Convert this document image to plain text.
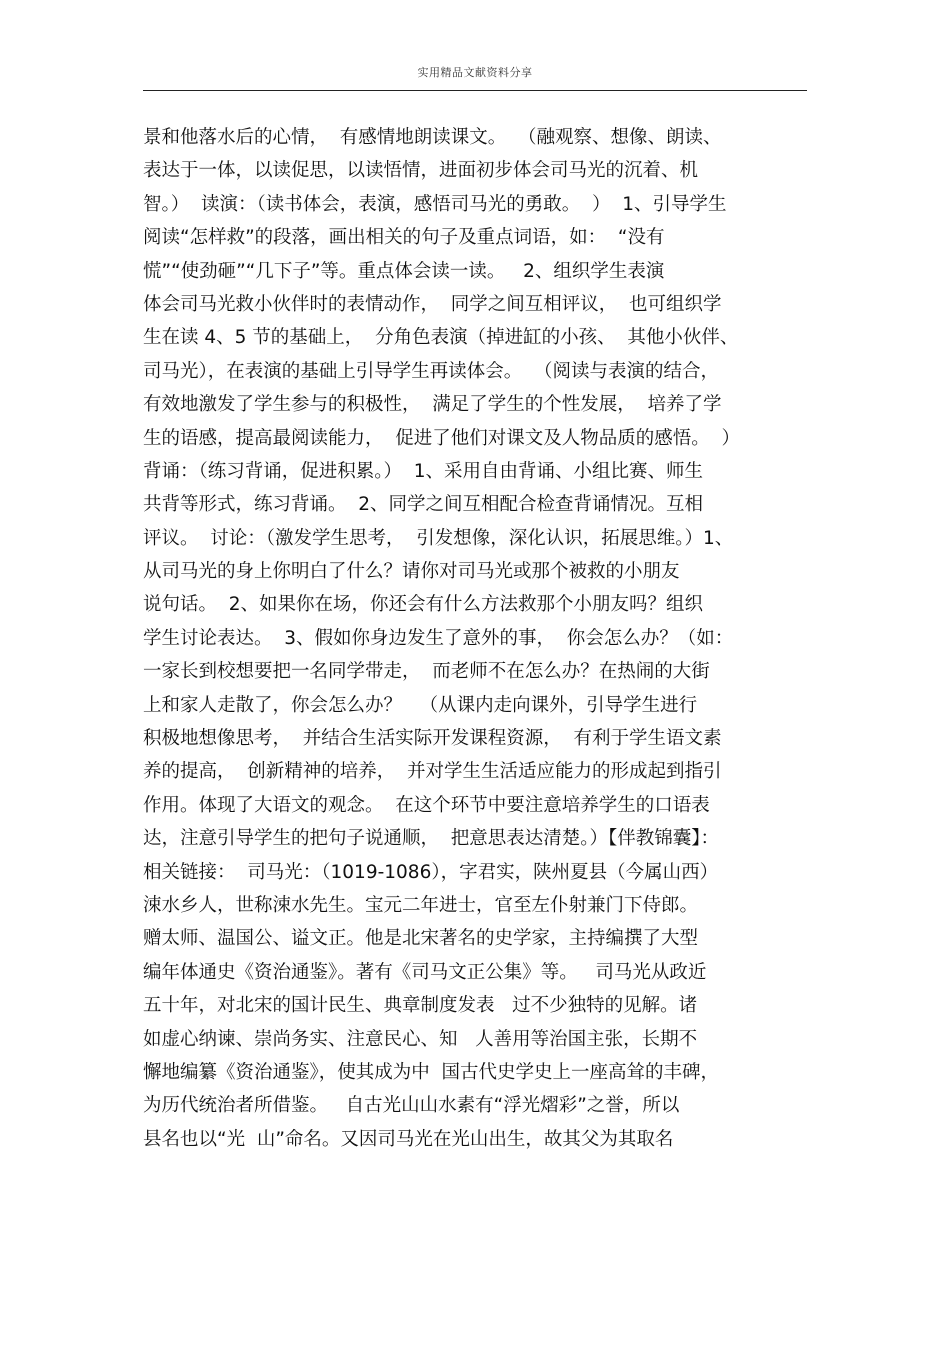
实用精品文献资料分享
景和他落水后的心情，  有感情地朗读课文。  （融观察、想像、朗读、
表达于一体，以读促思，以读悟情，进面初步体会司马光的沉着、机
智。）  读演：（读书体会，表演，感悟司马光的勇敢。  ）  1、引导学生
阅读“怎样救”的段落，画出相关的句子及重点词语，如：  “没有
慌”“使劲砸”“几下子”等。重点体会读一读。   2、组织学生表演
体会司马光救小伙伴时的表情动作，  同学之间互相评议，  也可组织学
生在读 4、5 节的基础上，  分角色表演（掉进缸的小孩、  其他小伙伴、
司马光），在表演的基础上引导学生再读体会。  （阅读与表演的结合，
有效地激发了学生参与的积极性，  满足了学生的个性发展，  培养了学
生的语感，提高最阅读能力，  促进了他们对课文及人物品质的感悟。  ）
背诵：（练习背诵，促进积累。）  1、采用自由背诵、小组比赛、师生
共背等形式，练习背诵。  2、同学之间互相配合检查背诵情况。互相
评议。  讨论：（激发学生思考，  引发想像，深化认识，拓展思维。）1、
从司马光的身上你明白了什么？请你对司马光或那个被救的小朋友
说句话。  2、如果你在场，你还会有什么方法救那个小朋友吗？组织
学生讨论表达。  3、假如你身边发生了意外的事，  你会怎么办？（如：
一家长到校想要把一名同学带走，  而老师不在怎么办？在热闹的大街
上和家人走散了，你会怎么办？   （从课内走向课外，引导学生进行
积极地想像思考，  并结合生活实际开发课程资源，  有利于学生语文素
养的提高，  创新精神的培养，  并对学生生活适应能力的形成起到指引
作用。体现了大语文的观念。  在这个环节中要注意培养学生的口语表
达，注意引导学生的把句子说通顺，  把意思表达清楚。）【伴教锦囊】：
相关链接：  司马光：（1019-1086），字君实，陕州夏县（今属山西）
涑水乡人，世称涑水先生。宝元二年进士，官至左仆射兼门下侍郎。
赠太师、温国公、谥文正。他是北宋著名的史学家，主持编撰了大型
编年体通史《资治通鉴》。著有《司马文正公集》等。   司马光从政近
五十年，对北宋的国计民生、典章制度发表   过不少独特的见解。诸
如虚心纳谏、崇尚务实、注意民心、知   人善用等治国主张，长期不
懈地编纂《资治通鉴》，使其成为中  国古代史学史上一座高耸的丰碑，
为历代统治者所借鉴。   自古光山山水素有“浮光熠彩”之誉，所以
县名也以“光  山”命名。又因司马光在光山出生，故其父为其取名
